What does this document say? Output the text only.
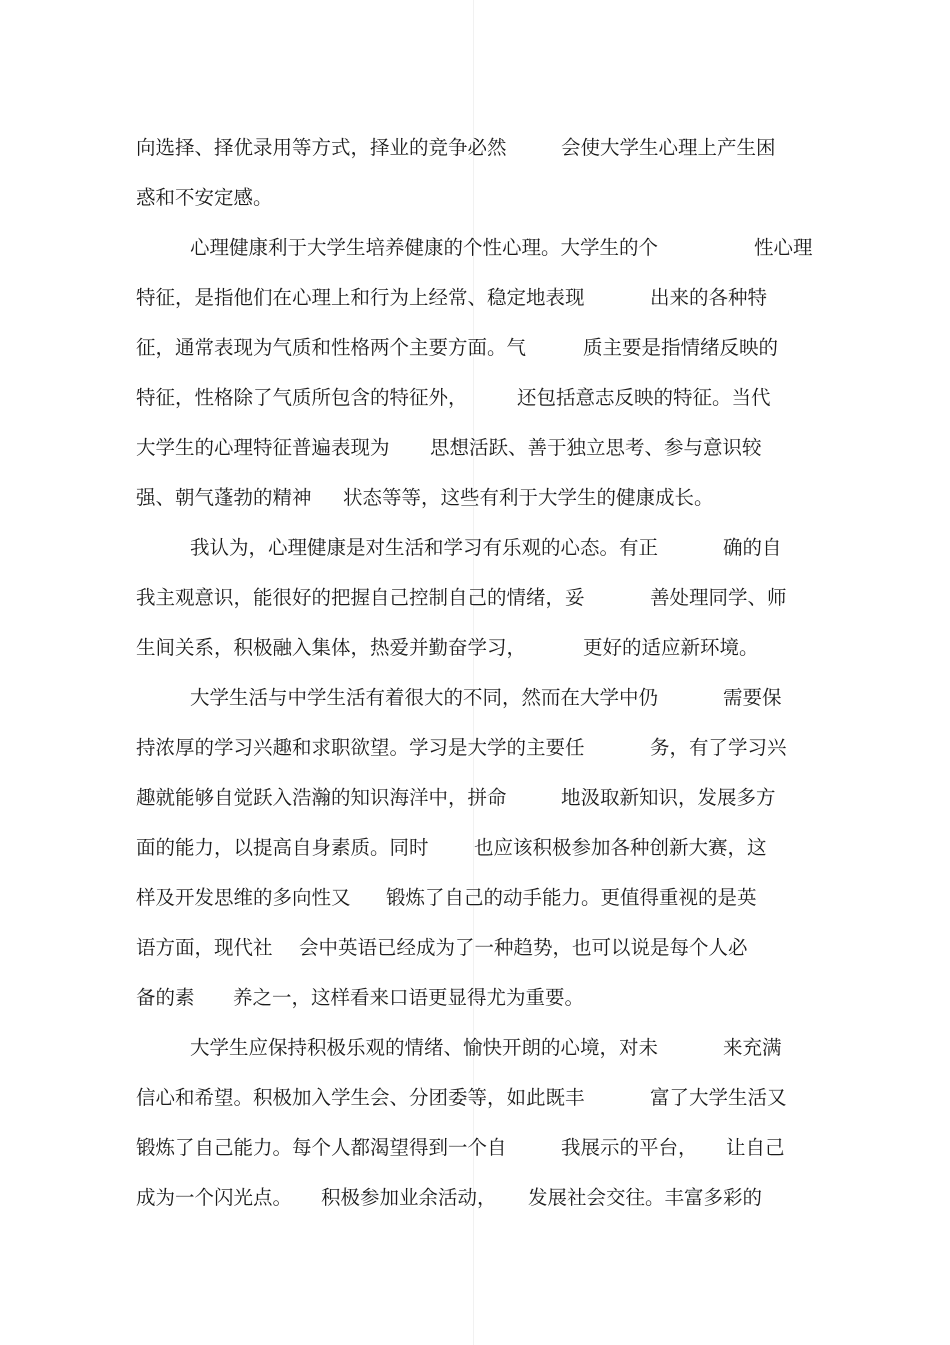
向选择、择优录用等方式，择业的竞争必然	会使大学生心理上产生困
惑和不安定感。
心理健康利于大学生培养健康的个性心理。大学生的个	性心理
特征，是指他们在心理上和行为上经常、稳定地表现	出来的各种特
征，通常表现为气质和性格两个主要方面。气	质主要是指情绪反映的
特征，性格除了气质所包含的特征外，	还包括意志反映的特征。当代
大学生的心理特征普遍表现为 思想活跃、善于独立思考、参与意识较
强、朝气蓬勃的精神 状态等等，这些有利于大学生的健康成长。
我认为，心理健康是对生活和学习有乐观的心态。有正	确的自
我主观意识，能很好的把握自己控制自己的情绪，妥	善处理同学、师
生间关系，积极融入集体，热爱并勤奋学习，	更好的适应新环境。
大学生活与中学生活有着很大的不同，然而在大学中仍	需要保
持浓厚的学习兴趣和求职欲望。学习是大学的主要任	务，有了学习兴
趣就能够自觉跃入浩瀚的知识海洋中，拼命	地汲取新知识，发展多方
面的能力，以提高自身素质。同时 也应该积极参加各种创新大赛，这
样及开发思维的多向性又 锻炼了自己的动手能力。更值得重视的是英
语方面，现代社 会中英语已经成为了一种趋势，也可以说是每个人必
备的素 养之一，这样看来口语更显得尤为重要。
大学生应保持积极乐观的情绪、愉快开朗的心境，对未	来充满
信心和希望。积极加入学生会、分团委等，如此既丰	富了大学生活又
锻炼了自己能力。每个人都渴望得到一个自	我展示的平台， 让自己
成为一个闪光点。 积极参加业余活动， 发展社会交往。丰富多彩的
